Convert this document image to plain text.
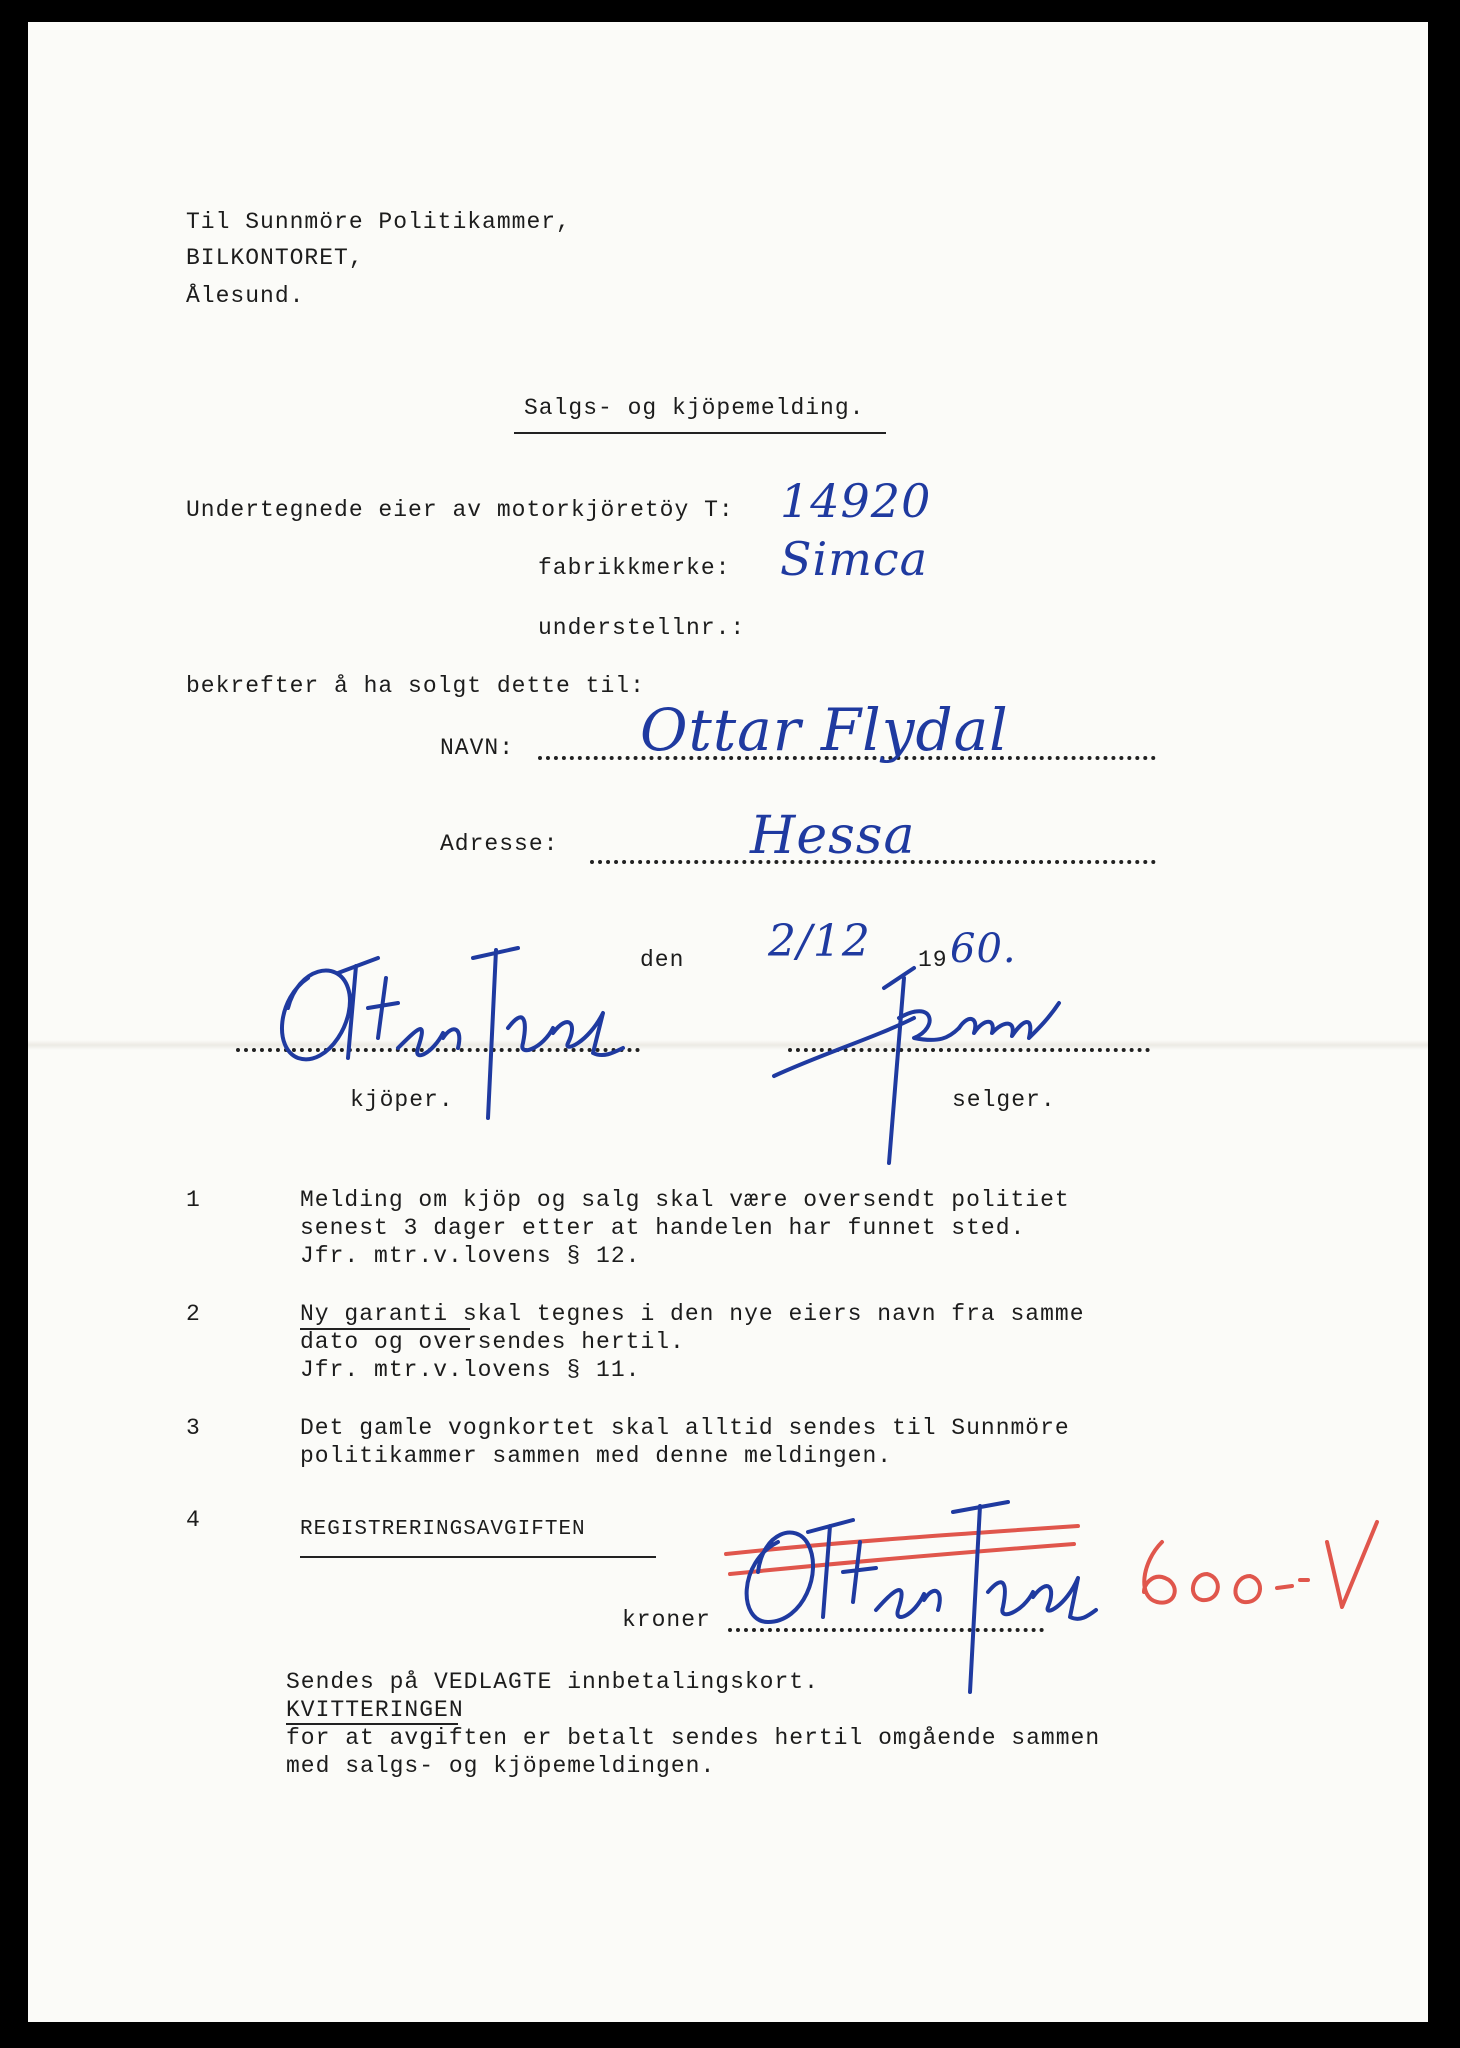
Til Sunnmöre Politikammer,

BILKONTORET,

Ålesund.

Salgs- og kjöpemelding.

Undertegnede eier av motorkjöretöy T: 14920

fabrikkmerke: Simca

understellnr.:

bekrefter å ha solgt dette til:

NAVN: Ottar Flydal

Adresse:	Hessa

den 2/12 19 60.

kjöper.	selger.

1	Melding om kjöp og salg skal være oversendt politiet

senest 3 dager etter at handelen har funnet sted.

Jfr. mtr.v.lovens § 12.

2	Ny garanti skal tegnes i den nye eiers navn fra samme

dato og oversendes hertil.

Jfr. mtr.v.lovens § 11.

3	Det gamle vognkortet skal alltid sendes til Sunnmöre

politikammer sammen med denne meldingen.

4	REGISTRERINGSAVGIFTEN

kroner

Sendes på VEDLAGTE innbetalingskort.

KVITTERINGEN

for at avgiften er betalt sendes hertil omgående sammen

med salgs- og kjöpemeldingen.
